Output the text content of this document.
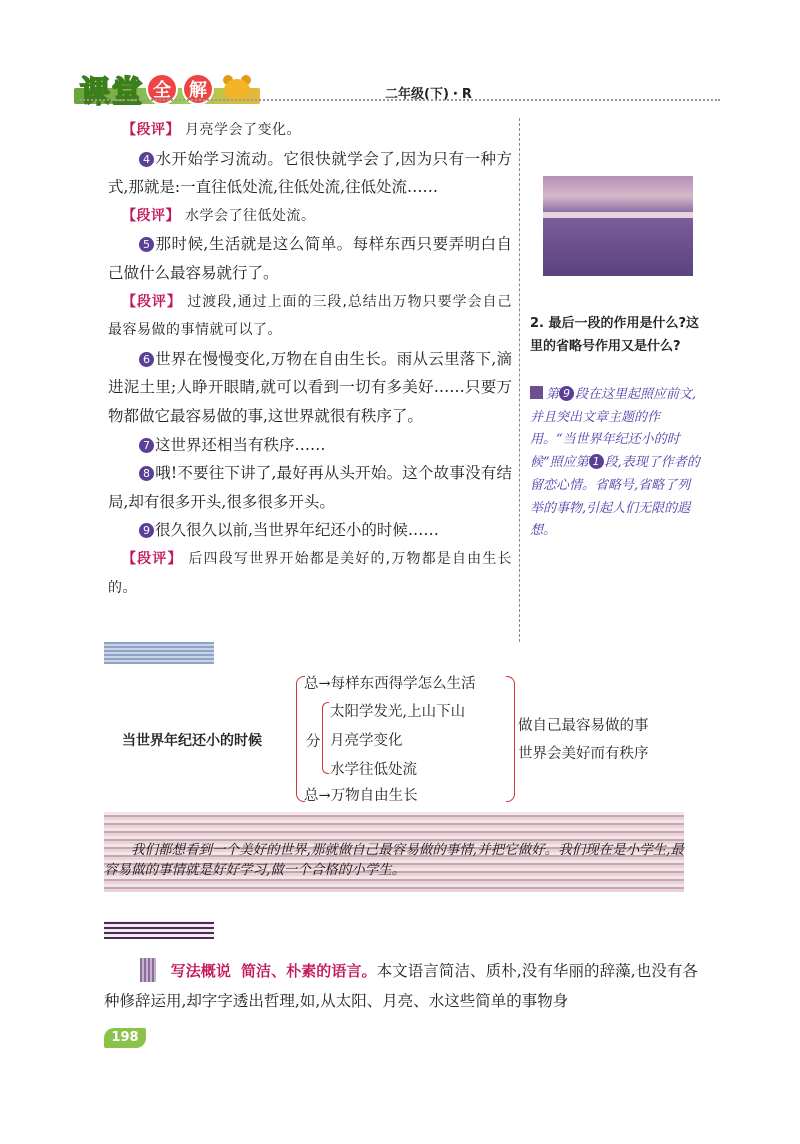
课 堂 全	解	二年级(下)・R

【段评】 月亮学会了变化。

4 水开始学习流动。它很快就学会了,因为只有一种方式,那就是:一直往低处流,往低处流,往低处流……

【段评】 水学会了往低处流。

5 那时候,生活就是这么简单。每样东西只要弄明白自己做什么最容易就行了。

【段评】 过渡段,通过上面的三段,总结出万物只要学会自己最容易做的事情就可以了。

6 世界在慢慢变化,万物在自由生长。雨从云里落下,滴进泥土里;人睁开眼睛,就可以看到一切有多美好……只要万物都做它最容易做的事,这世界就很有秩序了。

7 这世界还相当有秩序……

8 哦!不要往下讲了,最好再从头开始。这个故事没有结局,却有很多开头,很多很多开头。

9 很久很久以前,当世界年纪还小的时候……

【段评】 后四段写世界开始都是美好的,万物都是自由生长的。

2. 最后一段的作用是什么?这里的省略号作用又是什么?
第 9 段在这里起照应前文,并且突出文章主题的作用。“当世界年纪还小的时候”照应第 1 段,表现了作者的留恋心情。省略号,省略了列举的事物,引起人们无限的遐想。
当世界年纪还小的时候
总→每样东西得学怎么生活
分
太阳学发光,上山下山
月亮学变化
水学往低处流
总→万物自由生长
做自己最容易做的事
世界会美好而有秩序
我们都想看到一个美好的世界,那就做自己最容易做的事情,并把它做好。我们现在是小学生,最容易做的事情就是好好学习,做一个合格的小学生。

写法概说 简洁、朴素的语言。本文语言简洁、质朴,没有华丽的辞藻,也没有各种修辞运用,却字字透出哲理,如,从太阳、月亮、水这些简单的事物身

198
